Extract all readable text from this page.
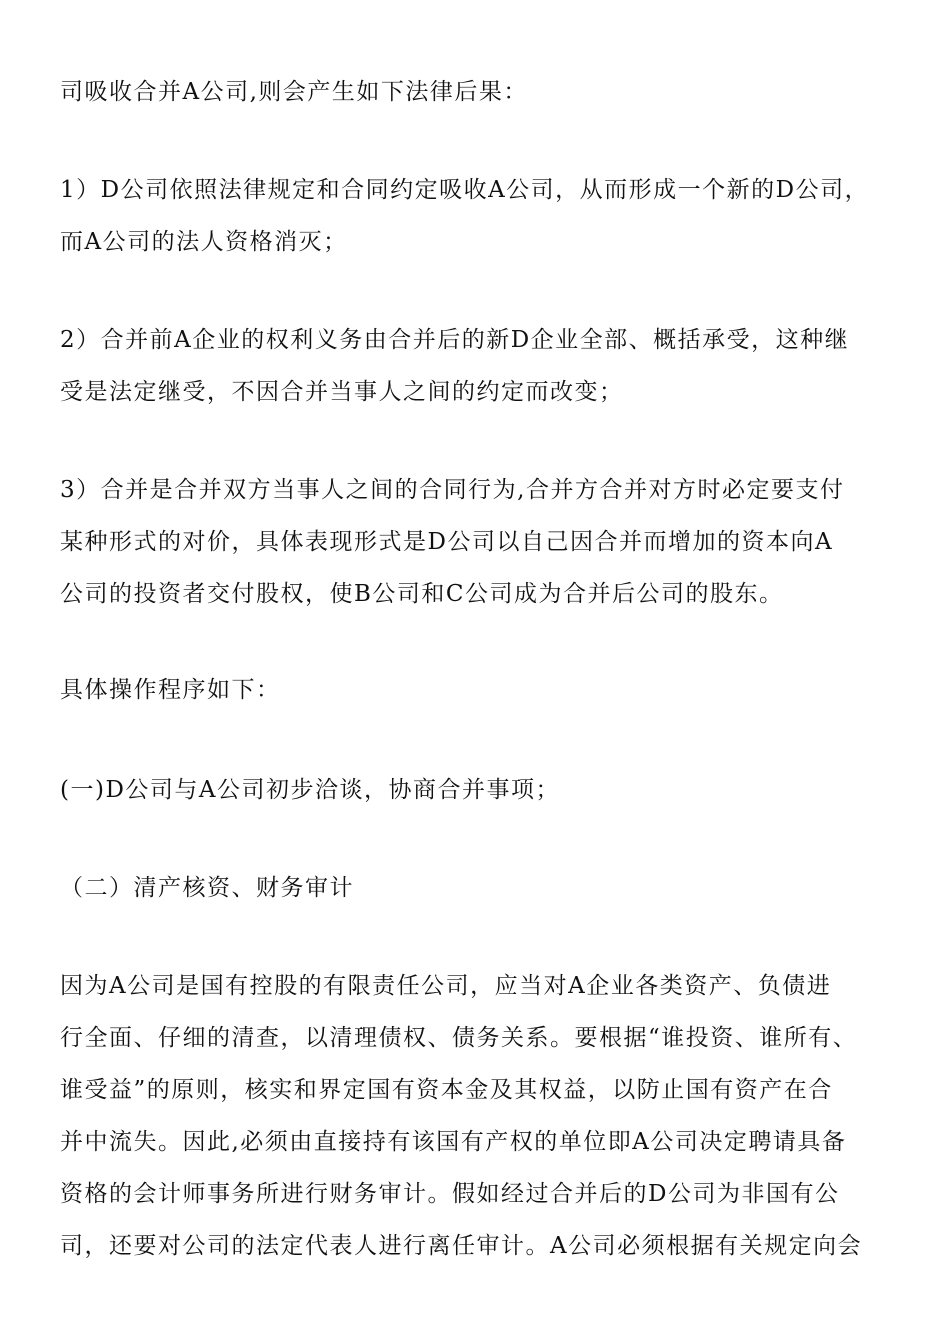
司吸收合并A公司,则会产生如下法律后果：

1）D公司依照法律规定和合同约定吸收A公司，从而形成一个新的D公司，
而A公司的法人资格消灭；

2）合并前A企业的权利义务由合并后的新D企业全部、概括承受，这种继
受是法定继受，不因合并当事人之间的约定而改变；

3）合并是合并双方当事人之间的合同行为,合并方合并对方时必定要支付
某种形式的对价，具体表现形式是D公司以自己因合并而增加的资本向A
公司的投资者交付股权，使B公司和C公司成为合并后公司的股东。

具体操作程序如下：

(一)D公司与A公司初步洽谈，协商合并事项；

（二）清产核资、财务审计

因为A公司是国有控股的有限责任公司，应当对A企业各类资产、负债进
行全面、仔细的清查，以清理债权、债务关系。要根据“谁投资、谁所有、
谁受益”的原则，核实和界定国有资本金及其权益，以防止国有资产在合
并中流失。因此,必须由直接持有该国有产权的单位即A公司决定聘请具备
资格的会计师事务所进行财务审计。假如经过合并后的D公司为非国有公
司，还要对公司的法定代表人进行离任审计。A公司必须根据有关规定向会
